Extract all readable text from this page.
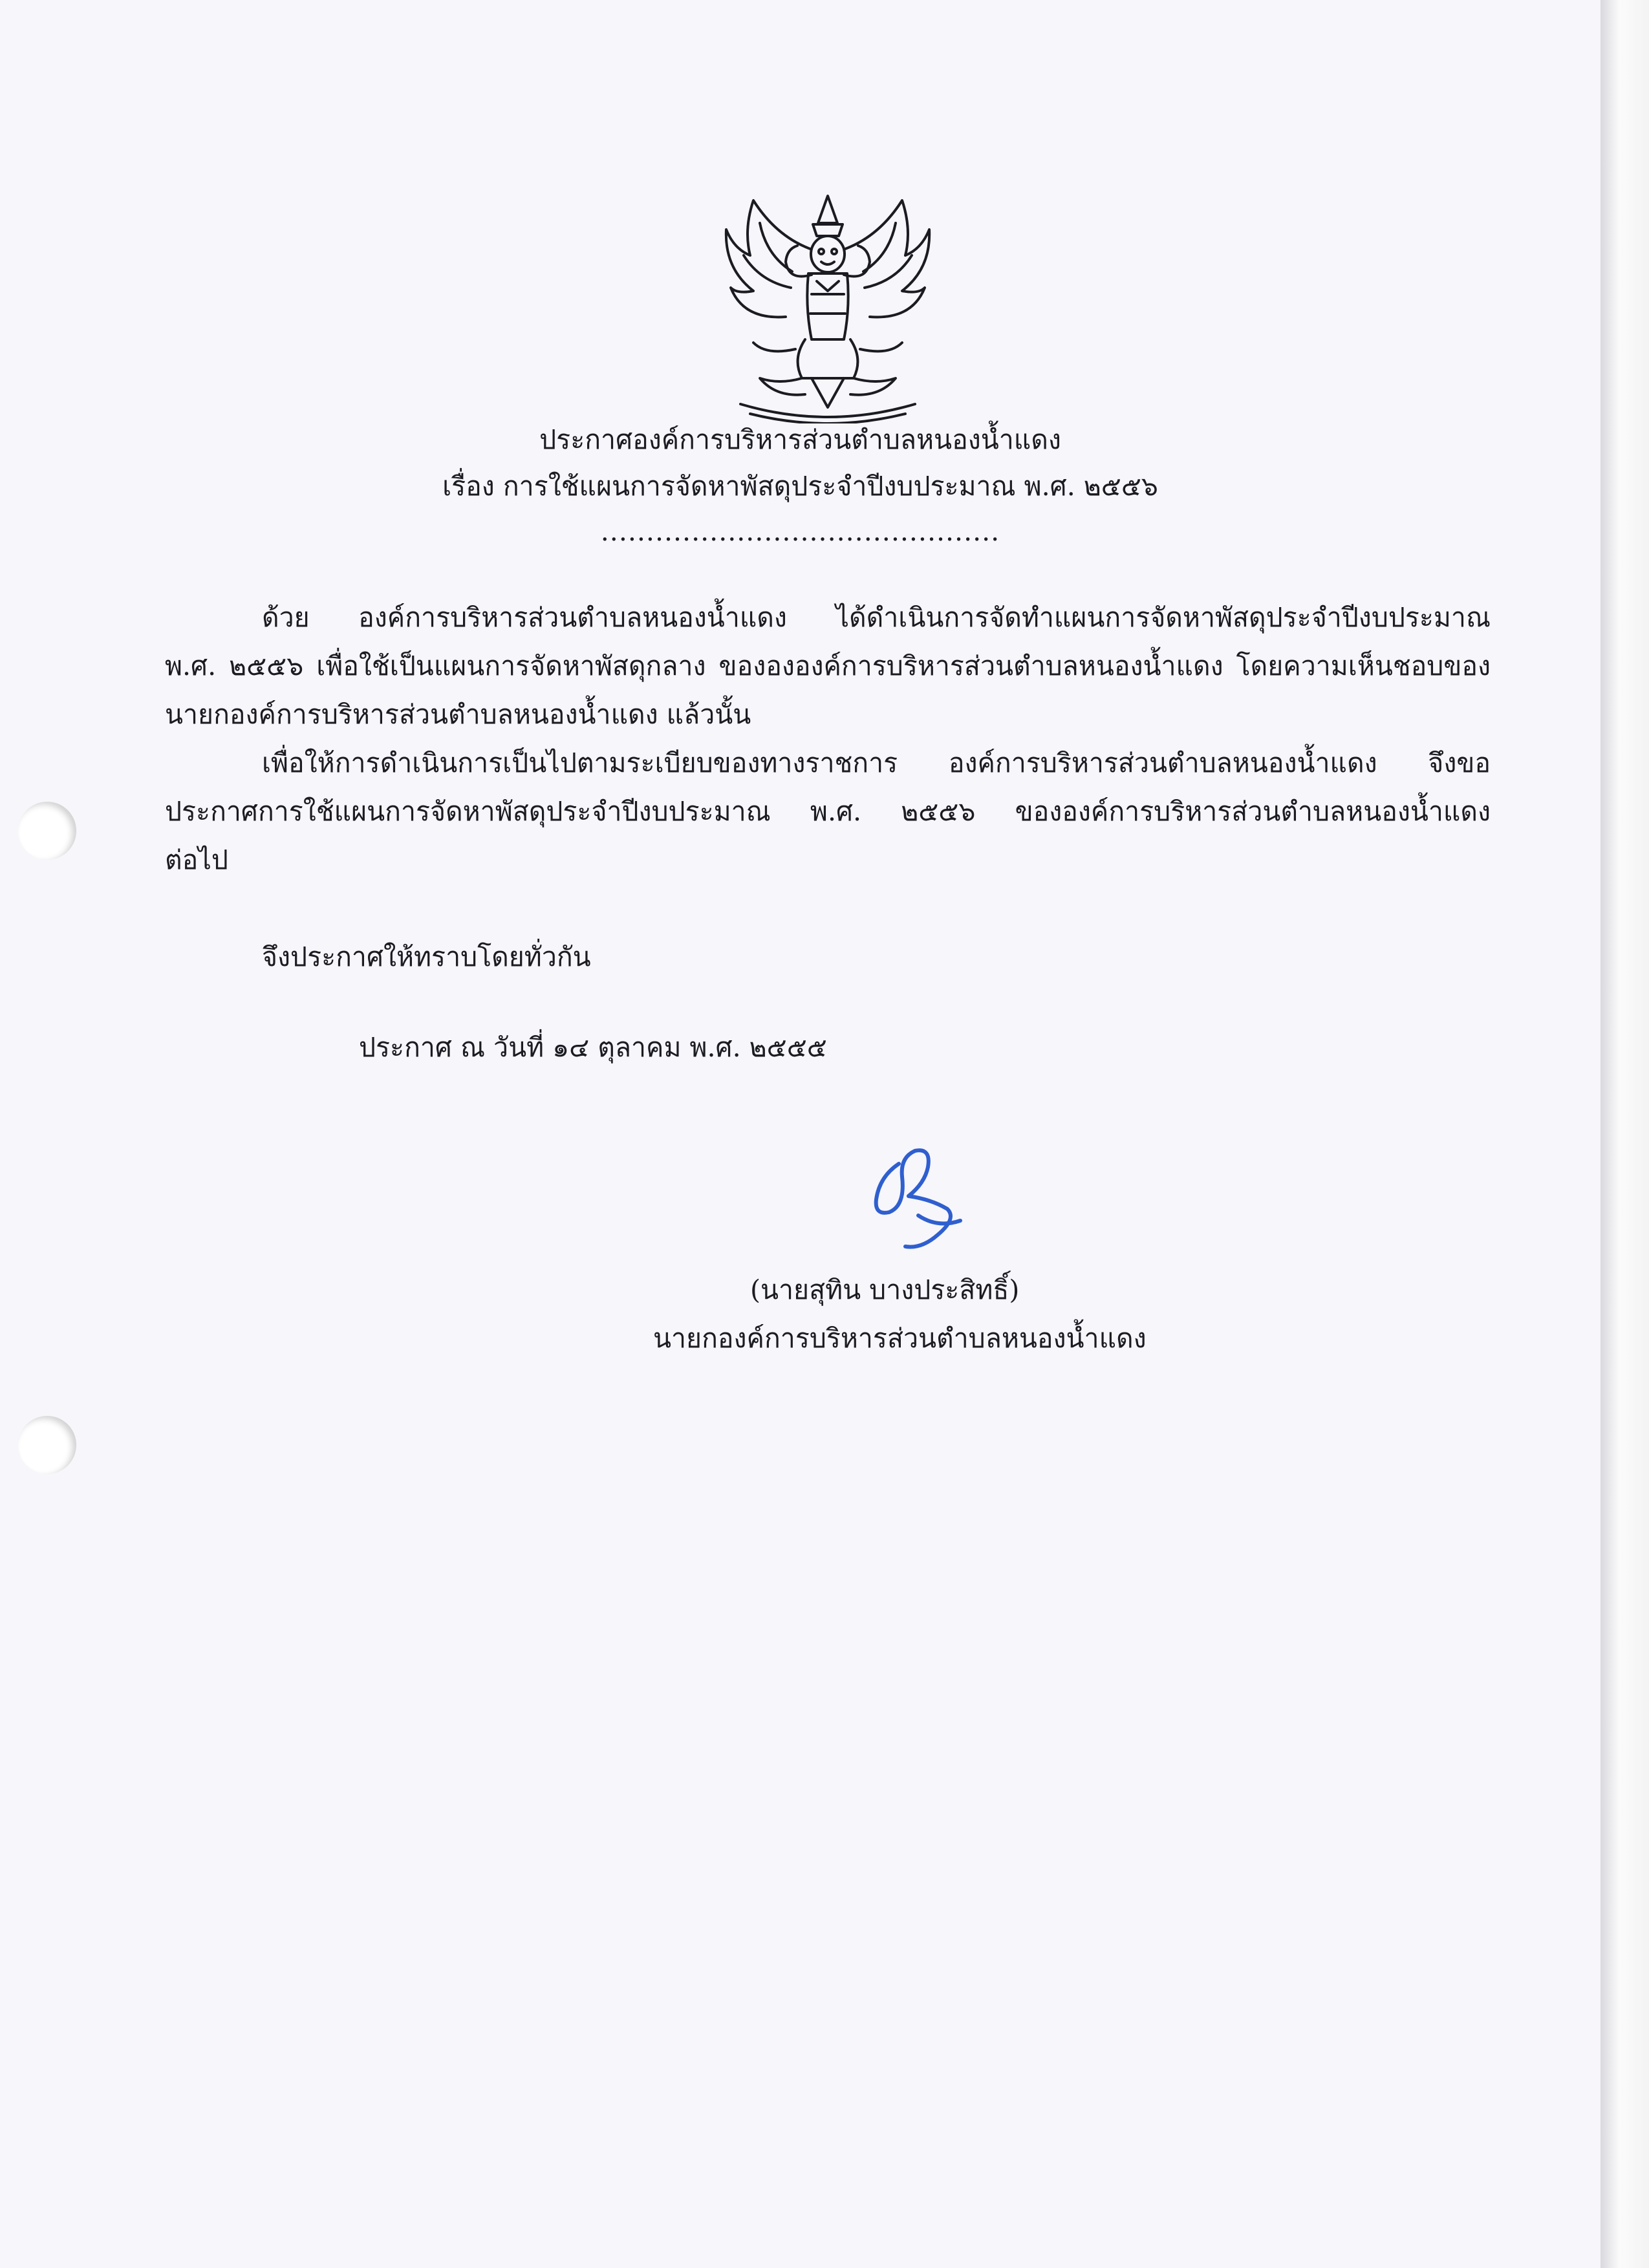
ประกาศองค์การบริหารส่วนตำบลหนองน้ำแดง
เรื่อง การใช้แผนการจัดหาพัสดุประจำปีงบประมาณ พ.ศ. ๒๕๕๖
............................................
ด้วย องค์การบริหารส่วนตำบลหนองน้ำแดง ได้ดำเนินการจัดทำแผนการจัดหาพัสดุประจำปีงบประมาณ
พ.ศ. ๒๕๕๖ เพื่อใช้เป็นแผนการจัดหาพัสดุกลาง ของององค์การบริหารส่วนตำบลหนองน้ำแดง โดยความเห็นชอบของ
นายกองค์การบริหารส่วนตำบลหนองน้ำแดง แล้วนั้น
เพื่อให้การดำเนินการเป็นไปตามระเบียบของทางราชการ องค์การบริหารส่วนตำบลหนองน้ำแดง จึงขอ
ประกาศการใช้แผนการจัดหาพัสดุประจำปีงบประมาณ พ.ศ. ๒๕๕๖ ขององค์การบริหารส่วนตำบลหนองน้ำแดง
ต่อไป
จึงประกาศให้ทราบโดยทั่วกัน
ประกาศ ณ วันที่ ๑๔ ตุลาคม พ.ศ. ๒๕๕๕
(นายสุทิน บางประสิทธิ์)
นายกองค์การบริหารส่วนตำบลหนองน้ำแดง
